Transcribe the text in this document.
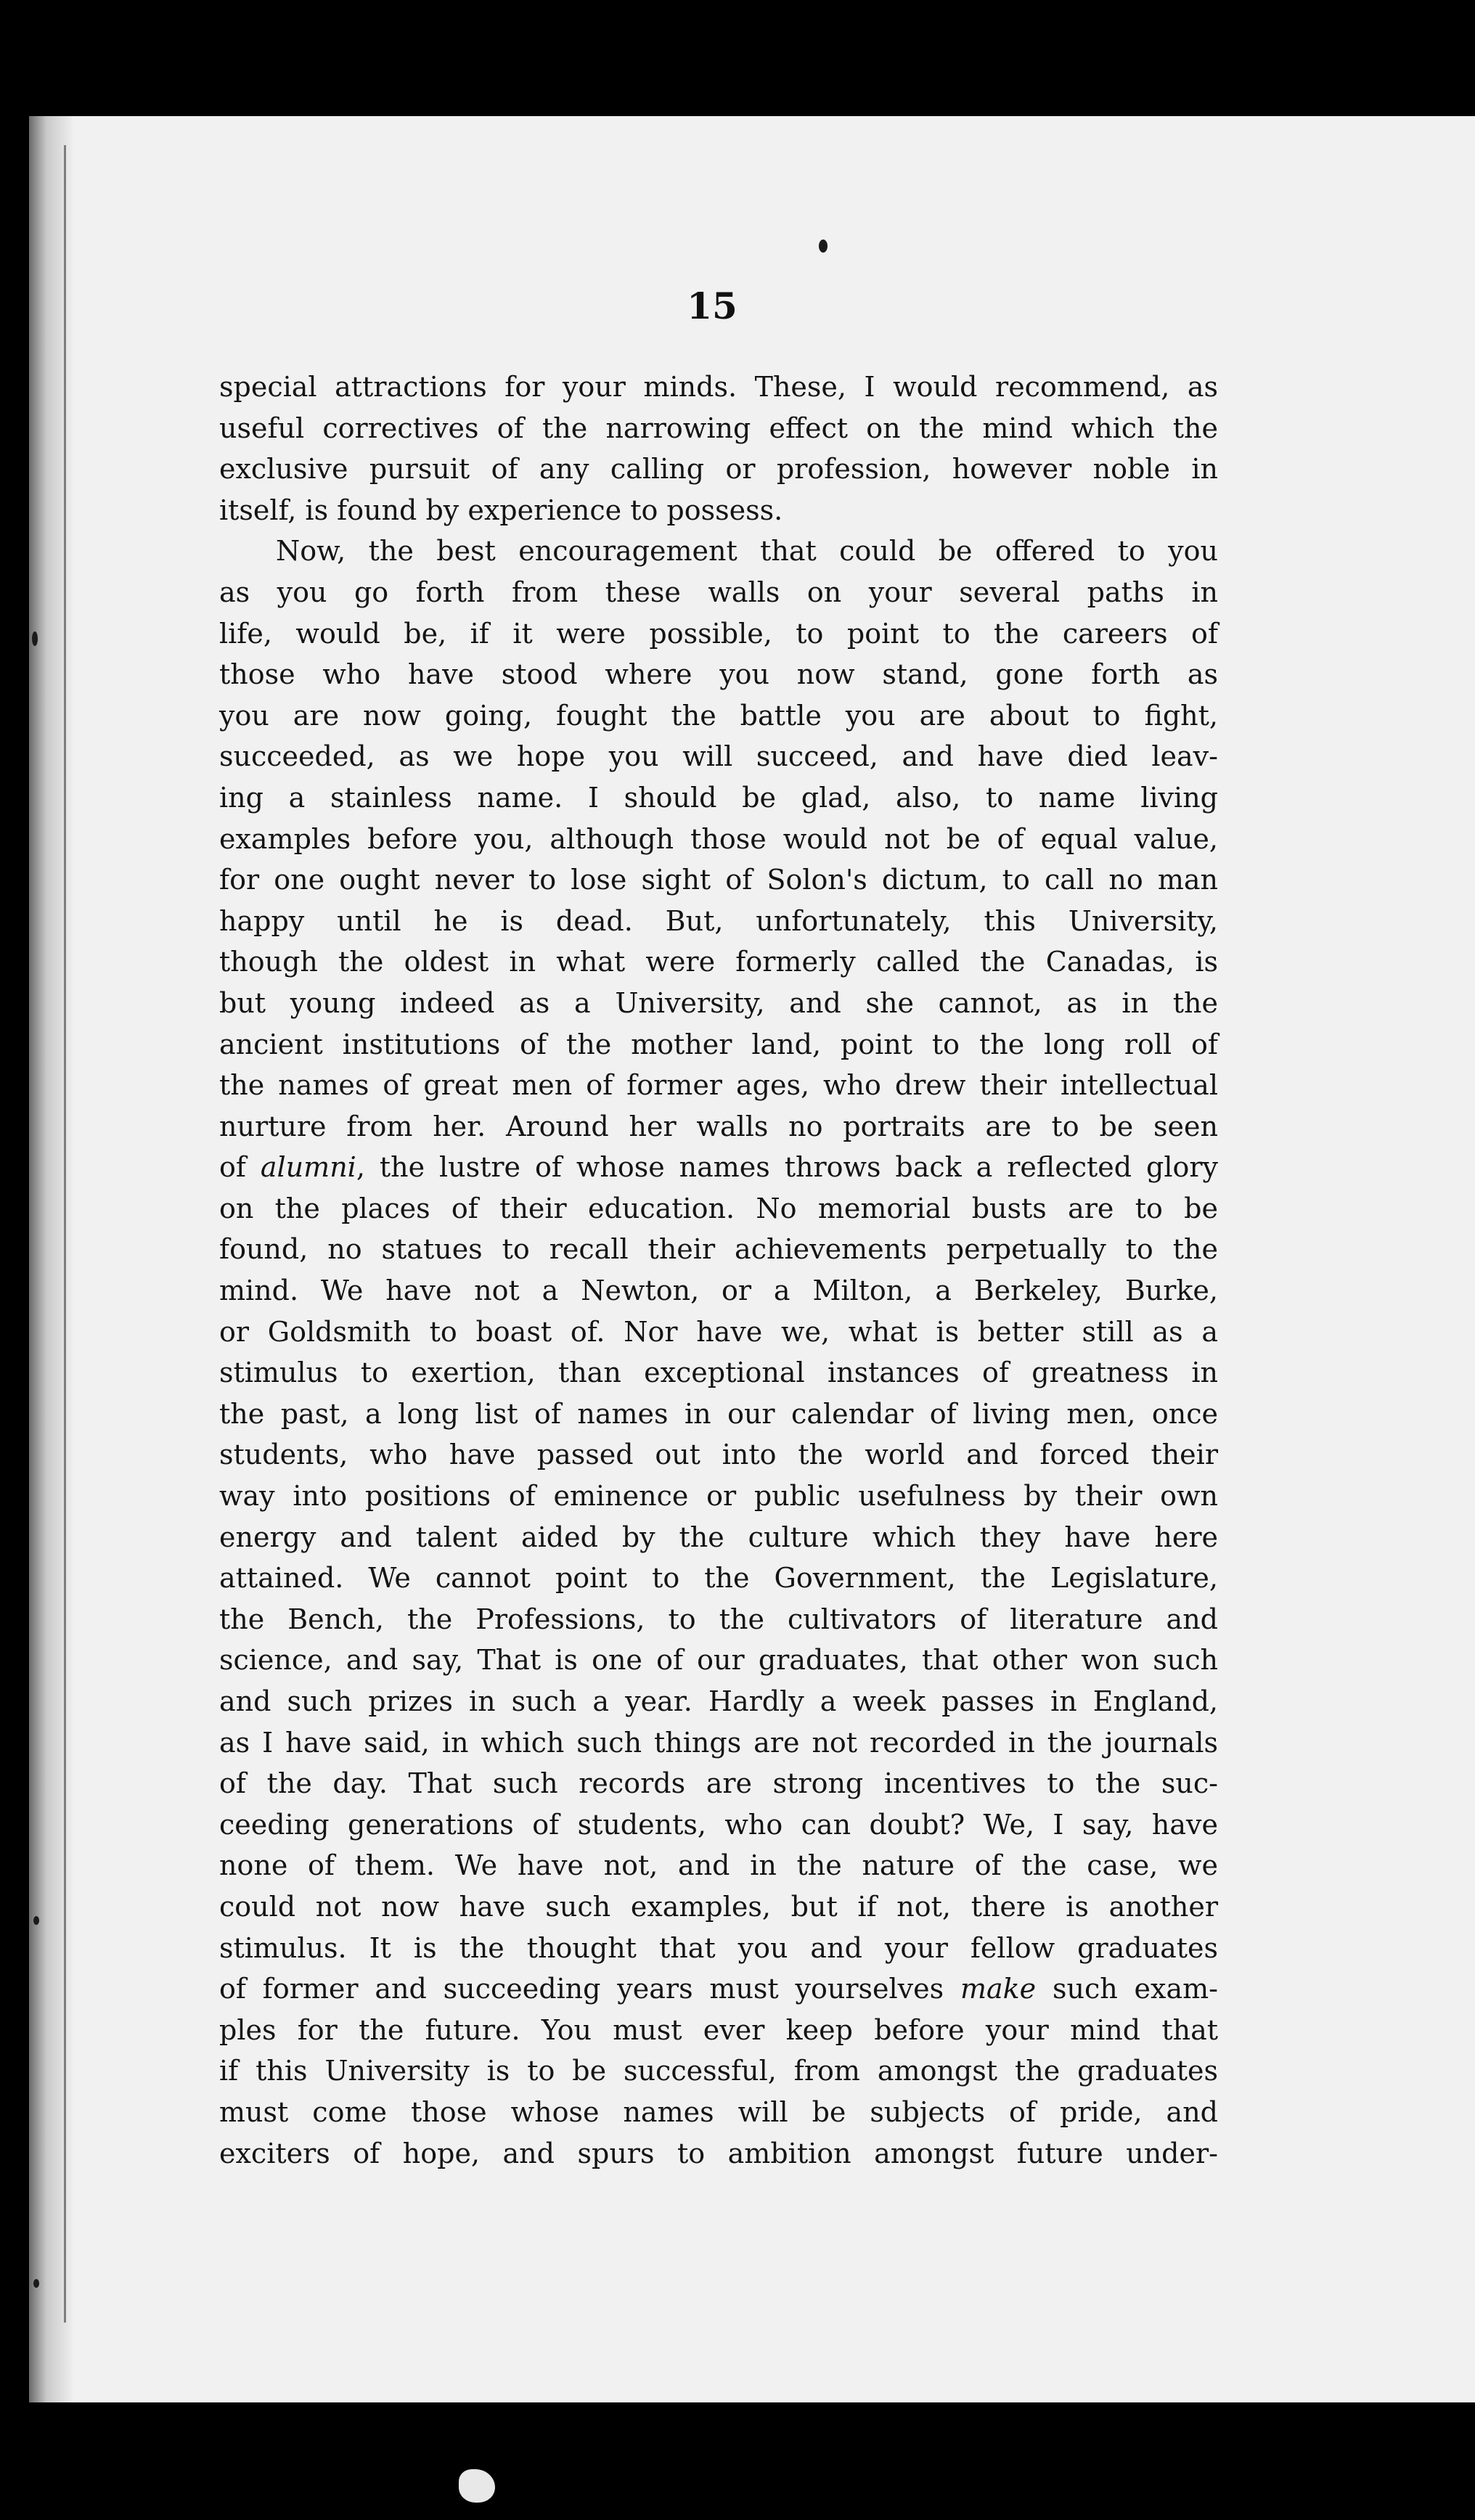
15
special attractions for your minds. These, I would recommend, as
useful correctives of the narrowing effect on the mind which the
exclusive pursuit of any calling or profession, however noble in
itself, is found by experience to possess.
Now, the best encouragement that could be offered to you
as you go forth from these walls on your several paths in
life, would be, if it were possible, to point to the careers of
those who have stood where you now stand, gone forth as
you are now going, fought the battle you are about to fight,
succeeded, as we hope you will succeed, and have died leav-
ing a stainless name. I should be glad, also, to name living
examples before you, although those would not be of equal value,
for one ought never to lose sight of Solon's dictum, to call no man
happy until he is dead. But, unfortunately, this University,
though the oldest in what were formerly called the Canadas, is
but young indeed as a University, and she cannot, as in the
ancient institutions of the mother land, point to the long roll of
the names of great men of former ages, who drew their intellectual
nurture from her. Around her walls no portraits are to be seen
of alumni, the lustre of whose names throws back a reflected glory
on the places of their education. No memorial busts are to be
found, no statues to recall their achievements perpetually to the
mind. We have not a Newton, or a Milton, a Berkeley, Burke,
or Goldsmith to boast of. Nor have we, what is better still as a
stimulus to exertion, than exceptional instances of greatness in
the past, a long list of names in our calendar of living men, once
students, who have passed out into the world and forced their
way into positions of eminence or public usefulness by their own
energy and talent aided by the culture which they have here
attained. We cannot point to the Government, the Legislature,
the Bench, the Professions, to the cultivators of literature and
science, and say, That is one of our graduates, that other won such
and such prizes in such a year. Hardly a week passes in England,
as I have said, in which such things are not recorded in the journals
of the day. That such records are strong incentives to the suc-
ceeding generations of students, who can doubt? We, I say, have
none of them. We have not, and in the nature of the case, we
could not now have such examples, but if not, there is another
stimulus. It is the thought that you and your fellow graduates
of former and succeeding years must yourselves make such exam-
ples for the future. You must ever keep before your mind that
if this University is to be successful, from amongst the graduates
must come those whose names will be subjects of pride, and
exciters of hope, and spurs to ambition amongst future under-
